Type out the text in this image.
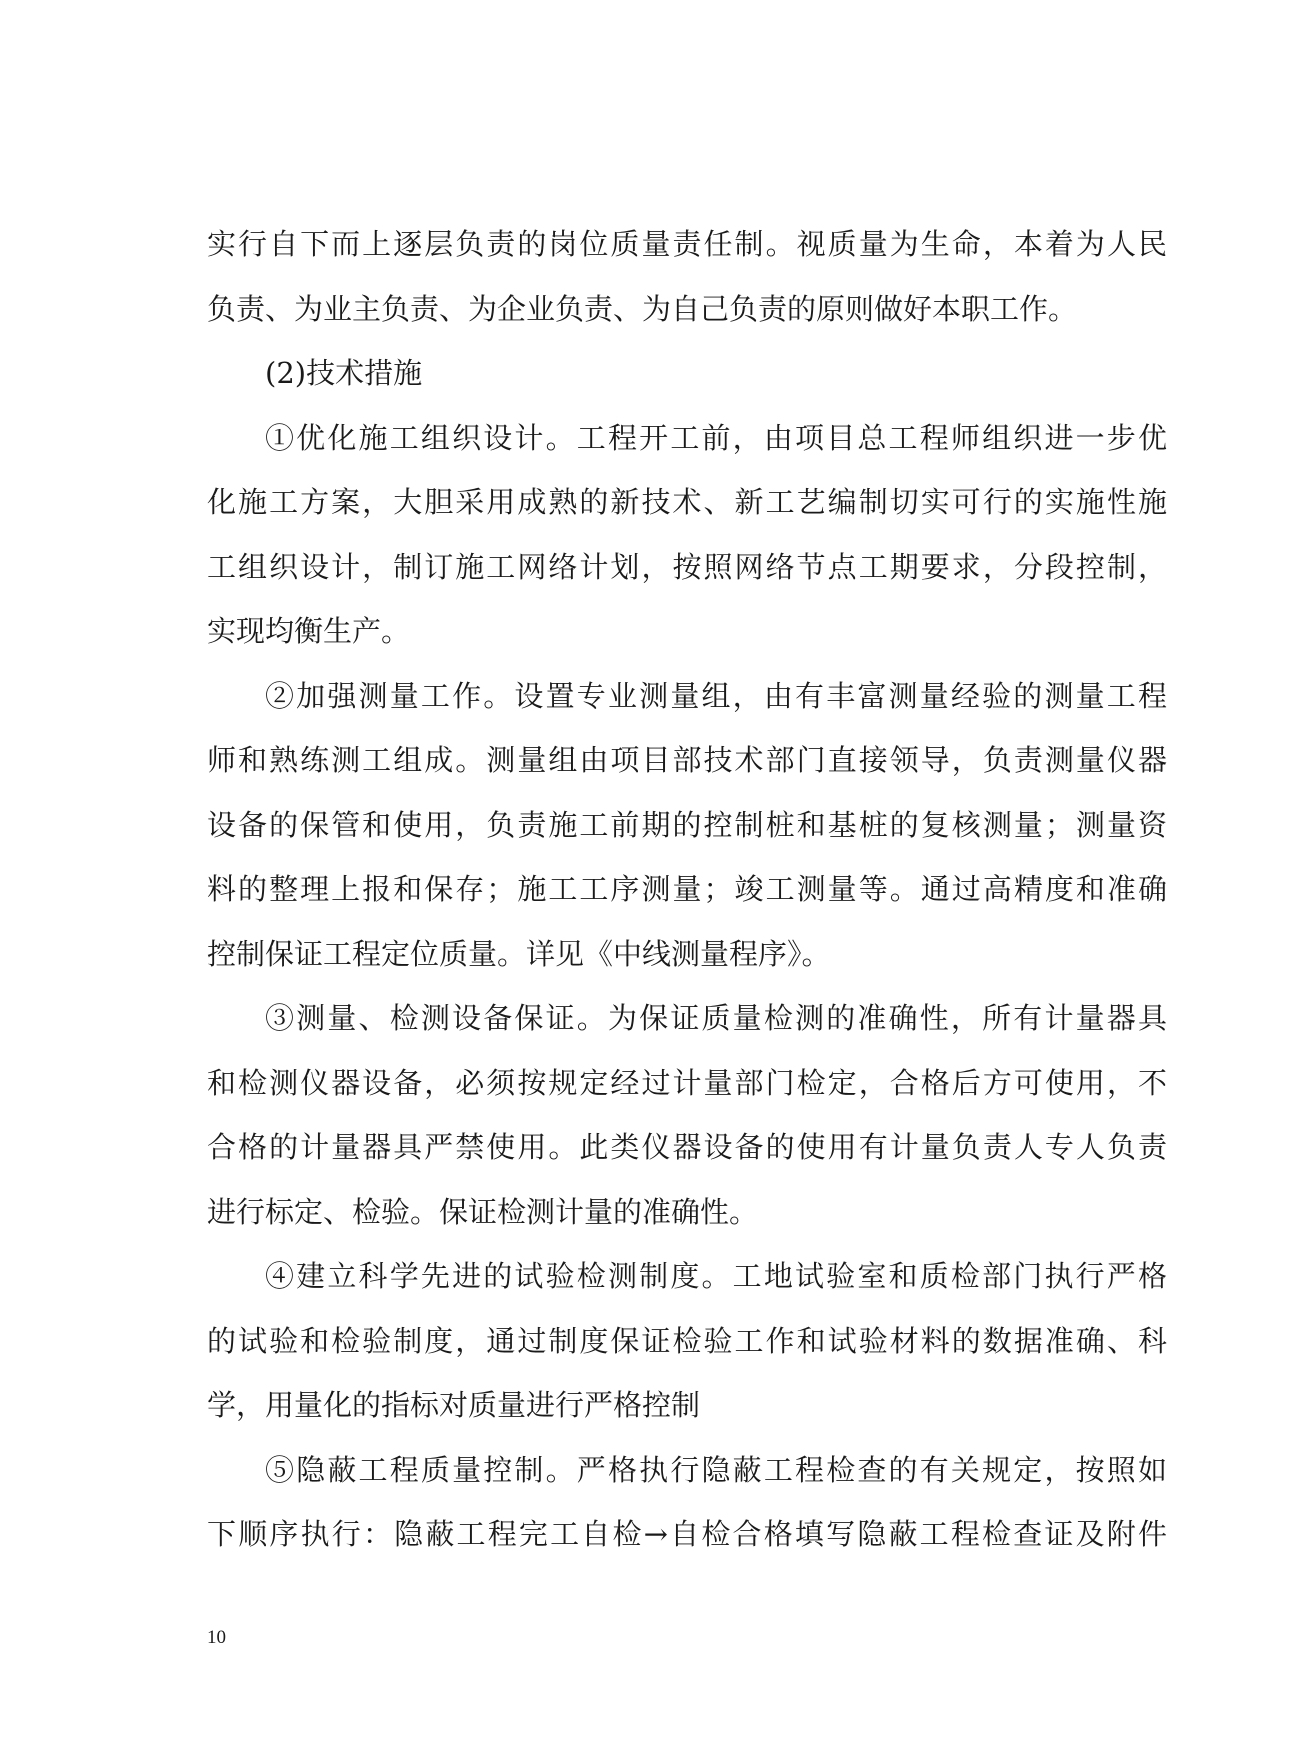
实行自下而上逐层负责的岗位质量责任制。视质量为生命，本着为人民
负责、为业主负责、为企业负责、为自己负责的原则做好本职工作。
(2)技术措施
①优化施工组织设计。工程开工前，由项目总工程师组织进一步优
化施工方案，大胆采用成熟的新技术、新工艺编制切实可行的实施性施
工组织设计，制订施工网络计划，按照网络节点工期要求，分段控制，
实现均衡生产。
②加强测量工作。设置专业测量组，由有丰富测量经验的测量工程
师和熟练测工组成。测量组由项目部技术部门直接领导，负责测量仪器
设备的保管和使用，负责施工前期的控制桩和基桩的复核测量；测量资
料的整理上报和保存；施工工序测量；竣工测量等。通过高精度和准确
控制保证工程定位质量。详见《中线测量程序》。
③测量、检测设备保证。为保证质量检测的准确性，所有计量器具
和检测仪器设备，必须按规定经过计量部门检定，合格后方可使用，不
合格的计量器具严禁使用。此类仪器设备的使用有计量负责人专人负责
进行标定、检验。保证检测计量的准确性。
④建立科学先进的试验检测制度。工地试验室和质检部门执行严格
的试验和检验制度，通过制度保证检验工作和试验材料的数据准确、科
学，用量化的指标对质量进行严格控制
⑤隐蔽工程质量控制。严格执行隐蔽工程检查的有关规定，按照如
下顺序执行：隐蔽工程完工自检→自检合格填写隐蔽工程检查证及附件
10
